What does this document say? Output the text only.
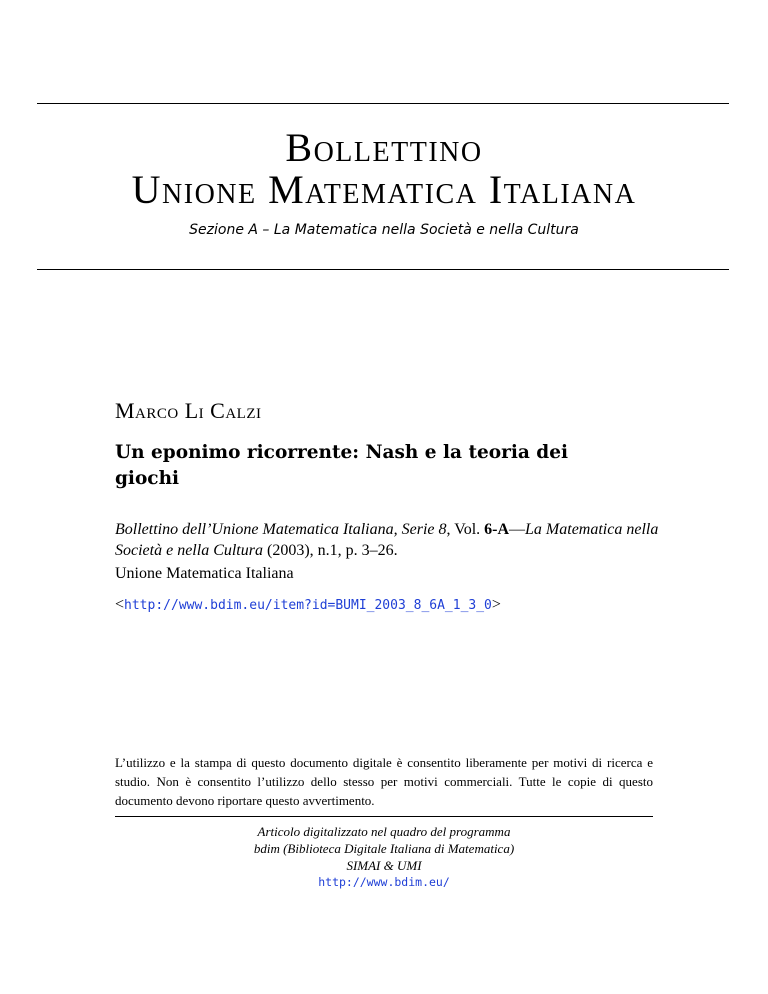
Bollettino
Unione Matematica Italiana
Sezione A – La Matematica nella Società e nella Cultura
Marco Li Calzi
Un eponimo ricorrente: Nash e la teoria dei giochi
Bollettino dell’Unione Matematica Italiana, Serie 8, Vol. 6-A—La Matematica nella Società e nella Cultura (2003), n.1, p. 3–26.
Unione Matematica Italiana
<http://www.bdim.eu/item?id=BUMI_2003_8_6A_1_3_0>
L’utilizzo e la stampa di questo documento digitale è consentito liberamente per motivi di ricerca e studio. Non è consentito l’utilizzo dello stesso per motivi commerciali. Tutte le copie di questo documento devono riportare questo avvertimento.
Articolo digitalizzato nel quadro del programma
bdim (Biblioteca Digitale Italiana di Matematica)
SIMAI & UMI
http://www.bdim.eu/
